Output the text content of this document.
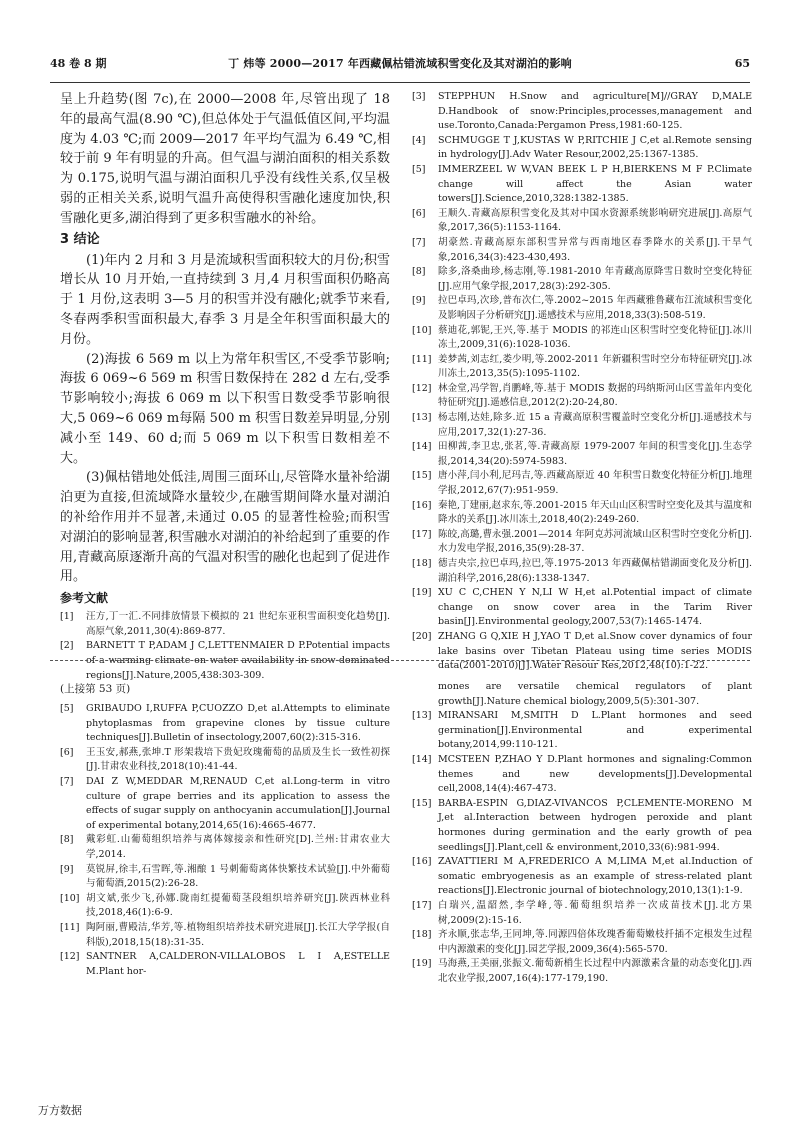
48 卷 8 期	丁 炜等 2000—2017 年西藏佩枯错流域积雪变化及其对湖泊的影响	65

呈上升趋势(图 7c),在 2000—2008 年,尽管出现了 18 年的最高气温(8.90 ℃),但总体处于气温低值区间,平均温度为 4.03 ℃;而 2009—2017 年平均气温为 6.49 ℃,相较于前 9 年有明显的升高。但气温与湖泊面积的相关系数为 0.175,说明气温与湖泊面积几乎没有线性关系,仅呈极弱的正相关关系,说明气温升高使得积雪融化速度加快,积雪融化更多,湖泊得到了更多积雪融水的补给。

3 结论

(1)年内 2 月和 3 月是流域积雪面积较大的月份;积雪增长从 10 月开始,一直持续到 3 月,4 月积雪面积仍略高于 1 月份,这表明 3—5 月的积雪并没有融化;就季节来看,冬春两季积雪面积最大,春季 3 月是全年积雪面积最大的月份。

(2)海拔 6 569 m 以上为常年积雪区,不受季节影响;海拔 6 069~6 569 m 积雪日数保持在 282 d 左右,受季节影响较小;海拔 6 069 m 以下积雪日数受季节影响很大,5 069~6 069 m每隔 500 m 积雪日数差异明显,分别减小至 149、60 d;而 5 069 m 以下积雪日数相差不大。

(3)佩枯错地处低洼,周围三面环山,尽管降水量补给湖泊更为直接,但流域降水量较少,在融雪期间降水量对湖泊的补给作用并不显著,未通过 0.05 的显著性检验;而积雪对湖泊的影响显著,积雪融水对湖泊的补给起到了重要的作用,青藏高原逐渐升高的气温对积雪的融化也起到了促进作用。

参考文献
[1]	汪方,丁一汇.不同排放情景下模拟的 21 世纪东亚积雪面积变化趋势[J].高原气象,2011,30(4):869-877.
[2]	BARNETT T P,ADAM J C,LETTENMAIER D P.Potential impacts of a warming climate on water availability in snow-dominated regions[J].Nature,2005,438:303-309.
[3]	STEPPHUN H.Snow and agriculture[M]//GRAY D,MALE D.Handbook of snow:Principles,processes,management and use.Toronto,Canada:Pergamon Press,1981:60-125.
[4]	SCHMUGGE T J,KUSTAS W P,RITCHIE J C,et al.Remote sensing in hydrology[J].Adv Water Resour,2002,25:1367-1385.
[5]	IMMERZEEL W W,VAN BEEK L P H,BIERKENS M F P.Climate change will affect the Asian water towers[J].Science,2010,328:1382-1385.
[6]	王顺久.青藏高原积雪变化及其对中国水资源系统影响研究进展[J].高原气象,2017,36(5):1153-1164.
[7]	胡豪然.青藏高原东部积雪异常与西南地区春季降水的关系[J].干旱气象,2016,34(3):423-430,493.
[8]	除多,洛桑曲珍,杨志刚,等.1981-2010 年青藏高原降雪日数时空变化特征[J].应用气象学报,2017,28(3):292-305.
[9]	拉巴卓玛,次珍,普布次仁,等.2002~2015 年西藏雅鲁藏布江流域积雪变化及影响因子分析研究[J].遥感技术与应用,2018,33(3):508-519.
[10] 蔡迪花,郭铌,王兴,等.基于 MODIS 的祁连山区积雪时空变化特征[J].冰川冻土,2009,31(6):1028-1036.
[11] 姜梦茜,刘志红,娄少明,等.2002-2011 年新疆积雪时空分布特征研究[J].冰川冻土,2013,35(5):1095-1102.
[12] 林金堂,冯学智,肖鹏峰,等.基于 MODIS 数据的玛纳斯河山区雪盖年内变化特征研究[J].遥感信息,2012(2):20-24,80.
[13] 杨志刚,达娃,除多.近 15 a 青藏高原积雪覆盖时空变化分析[J].遥感技术与应用,2017,32(1):27-36.
[14] 田柳茜,李卫忠,张茗,等.青藏高原 1979-2007 年间的积雪变化[J].生态学报,2014,34(20):5974-5983.
[15] 唐小萍,闫小利,尼玛吉,等.西藏高原近 40 年积雪日数变化特征分析[J].地理学报,2012,67(7):951-959.
[16] 秦艳,丁建丽,赵求东,等.2001-2015 年天山山区积雪时空变化及其与温度和降水的关系[J].冰川冻土,2018,40(2):249-260.
[17] 陈皎,高璐,曹永强.2001—2014 年阿克苏河流域山区积雪时空变化分析[J].水力发电学报,2016,35(9):28-37.
[18] 德吉央宗,拉巴卓玛,拉巴,等.1975-2013 年西藏佩枯错湖面变化及分析[J].湖泊科学,2016,28(6):1338-1347.
[19] XU C C,CHEN Y N,LI W H,et al.Potential impact of climate change on snow cover area in the Tarim River basin[J].Environmental geology,2007,53(7):1465-1474.
[20] ZHANG G Q,XIE H J,YAO T D,et al.Snow cover dynamics of four lake basins over Tibetan Plateau using time series MODIS data(2001-2010)[J].Water Resour Res,2012,48(10):1-22.
(上接第 53 页)
[5]	GRIBAUDO I,RUFFA P,CUOZZO D,et al.Attempts to eliminate phytoplasmas from grapevine clones by tissue culture techniques[J].Bulletin of insectology,2007,60(2):315-316.
[6]	王玉安,郝燕,张坤.T 形架栽培下贵妃玫瑰葡萄的品质及生长一致性初探[J].甘肃农业科技,2018(10):41-44.
[7]	DAI Z W,MEDDAR M,RENAUD C,et al.Long-term in vitro culture of grape berries and its application to assess the effects of sugar supply on anthocyanin accumulation[J].Journal of experimental botany,2014,65(16):4665-4677.
[8]	戴彩虹.山葡萄组织培养与离体嫁接亲和性研究[D].兰州:甘肃农业大学,2014.
[9]	莫锐屏,徐丰,石雪晖,等.湘酿 1 号刺葡萄离体快繁技术试验[J].中外葡萄与葡萄酒,2015(2):26-28.
[10] 胡文斌,张少飞,孙娜.陇南红提葡萄茎段组织培养研究[J].陕西林业科技,2018,46(1):6-9.
[11] 陶阿丽,曹殿洁,华芳,等.植物组织培养技术研究进展[J].长江大学学报(自科版),2018,15(18):31-35.
[12] SANTNER A,CALDERON-VILLALOBOS L I A,ESTELLE M.Plant hor-
mones are versatile chemical regulators of plant growth[J].Nature chemical biology,2009,5(5):301-307.
[13] MIRANSARI M,SMITH D L.Plant hormones and seed germination[J].Environmental and experimental botany,2014,99:110-121.
[14] MCSTEEN P,ZHAO Y D.Plant hormones and signaling:Common themes and new developments[J].Developmental cell,2008,14(4):467-473.
[15] BARBA-ESPIN G,DIAZ-VIVANCOS P,CLEMENTE-MORENO M J,et al.Interaction between hydrogen peroxide and plant hormones during germination and the early growth of pea seedlings[J].Plant,cell & environment,2010,33(6):981-994.
[16] ZAVATTIERI M A,FREDERICO A M,LIMA M,et al.Induction of somatic embryogenesis as an example of stress-related plant reactions[J].Electronic journal of biotechnology,2010,13(1):1-9.
[17] 白瑞兴,温韶然,李学峰,等.葡萄组织培养一次成苗技术[J].北方果树,2009(2):15-16.
[18] 齐永顺,张志华,王同坤,等.同源四倍体玫瑰香葡萄嫩枝扦插不定根发生过程中内源激素的变化[J].园艺学报,2009,36(4):565-570.
[19] 马海燕,王美丽,张振文.葡萄新梢生长过程中内源激素含量的动态变化[J].西北农业学报,2007,16(4):177-179,190.
万方数据
